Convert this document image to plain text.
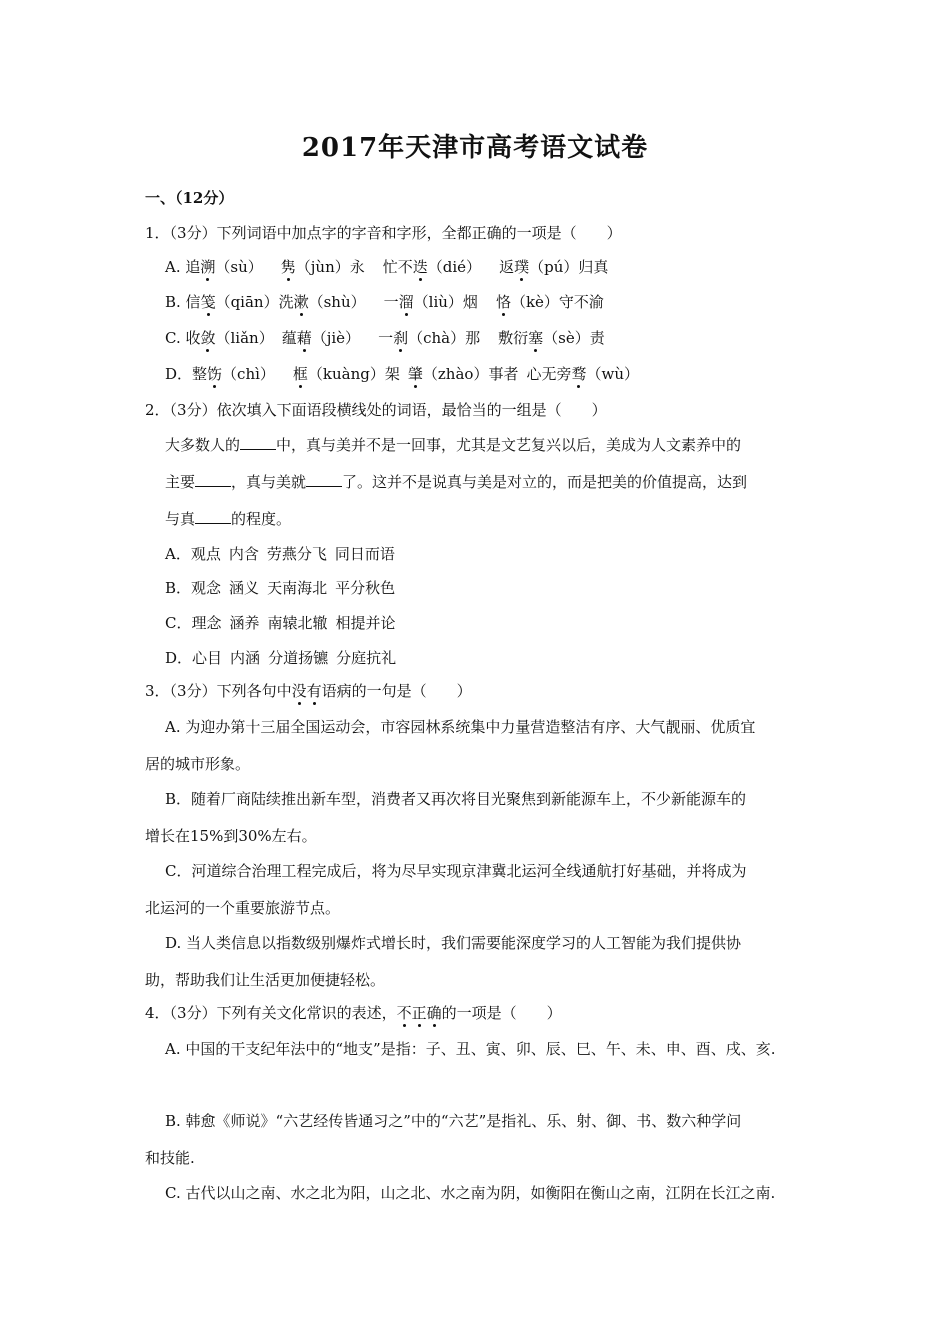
2017年天津市高考语文试卷
一、（12分）
1．（3分）下列词语中加点字的字音和字形，全都正确的一项是（　　）
A. 追溯（sù） 隽（jùn）永 忙不迭（dié） 返璞（pú）归真
B. 信笺（qiān）洗漱（shù） 一溜（liù）烟 恪（kè）守不渝
C. 收敛（liǎn） 蕴藉（jiè） 一刹（chà）那 敷衍塞（sè）责
D．整饬（chì） 框（kuàng）架 肇（zhào）事者 心无旁骛（wù）
2．（3分）依次填入下面语段横线处的词语，最恰当的一组是（　　）
大多数人的 中，真与美并不是一回事，尤其是文艺复兴以后，美成为人文素养中的
主要 ，真与美就 了。这并不是说真与美是对立的，而是把美的价值提高，达到
与真 的程度。
A．观点 内含 劳燕分飞 同日而语
B．观念 涵义 天南海北 平分秋色
C．理念 涵养 南辕北辙 相提并论
D．心目 内涵 分道扬镳 分庭抗礼
3．（3分）下列各句中没有语病的一句是（　　）
A. 为迎办第十三届全国运动会，市容园林系统集中力量营造整洁有序、大气靓丽、优质宜
居的城市形象。
B．随着厂商陆续推出新车型，消费者又再次将目光聚焦到新能源车上，不少新能源车的
增长在15%到30%左右。
C．河道综合治理工程完成后，将为尽早实现京津冀北运河全线通航打好基础，并将成为
北运河的一个重要旅游节点。
D. 当人类信息以指数级别爆炸式增长时，我们需要能深度学习的人工智能为我们提供协
助，帮助我们让生活更加便捷轻松。
4．（3分）下列有关文化常识的表述，不正确的一项是（　　）
A. 中国的干支纪年法中的“地支”是指：子、丑、寅、卯、辰、巳、午、未、申、酉、戌、亥.
B. 韩愈《师说》“六艺经传皆通习之”中的“六艺”是指礼、乐、射、御、书、数六种学问
和技能.
C. 古代以山之南、水之北为阳，山之北、水之南为阴，如衡阳在衡山之南，江阴在长江之南.
